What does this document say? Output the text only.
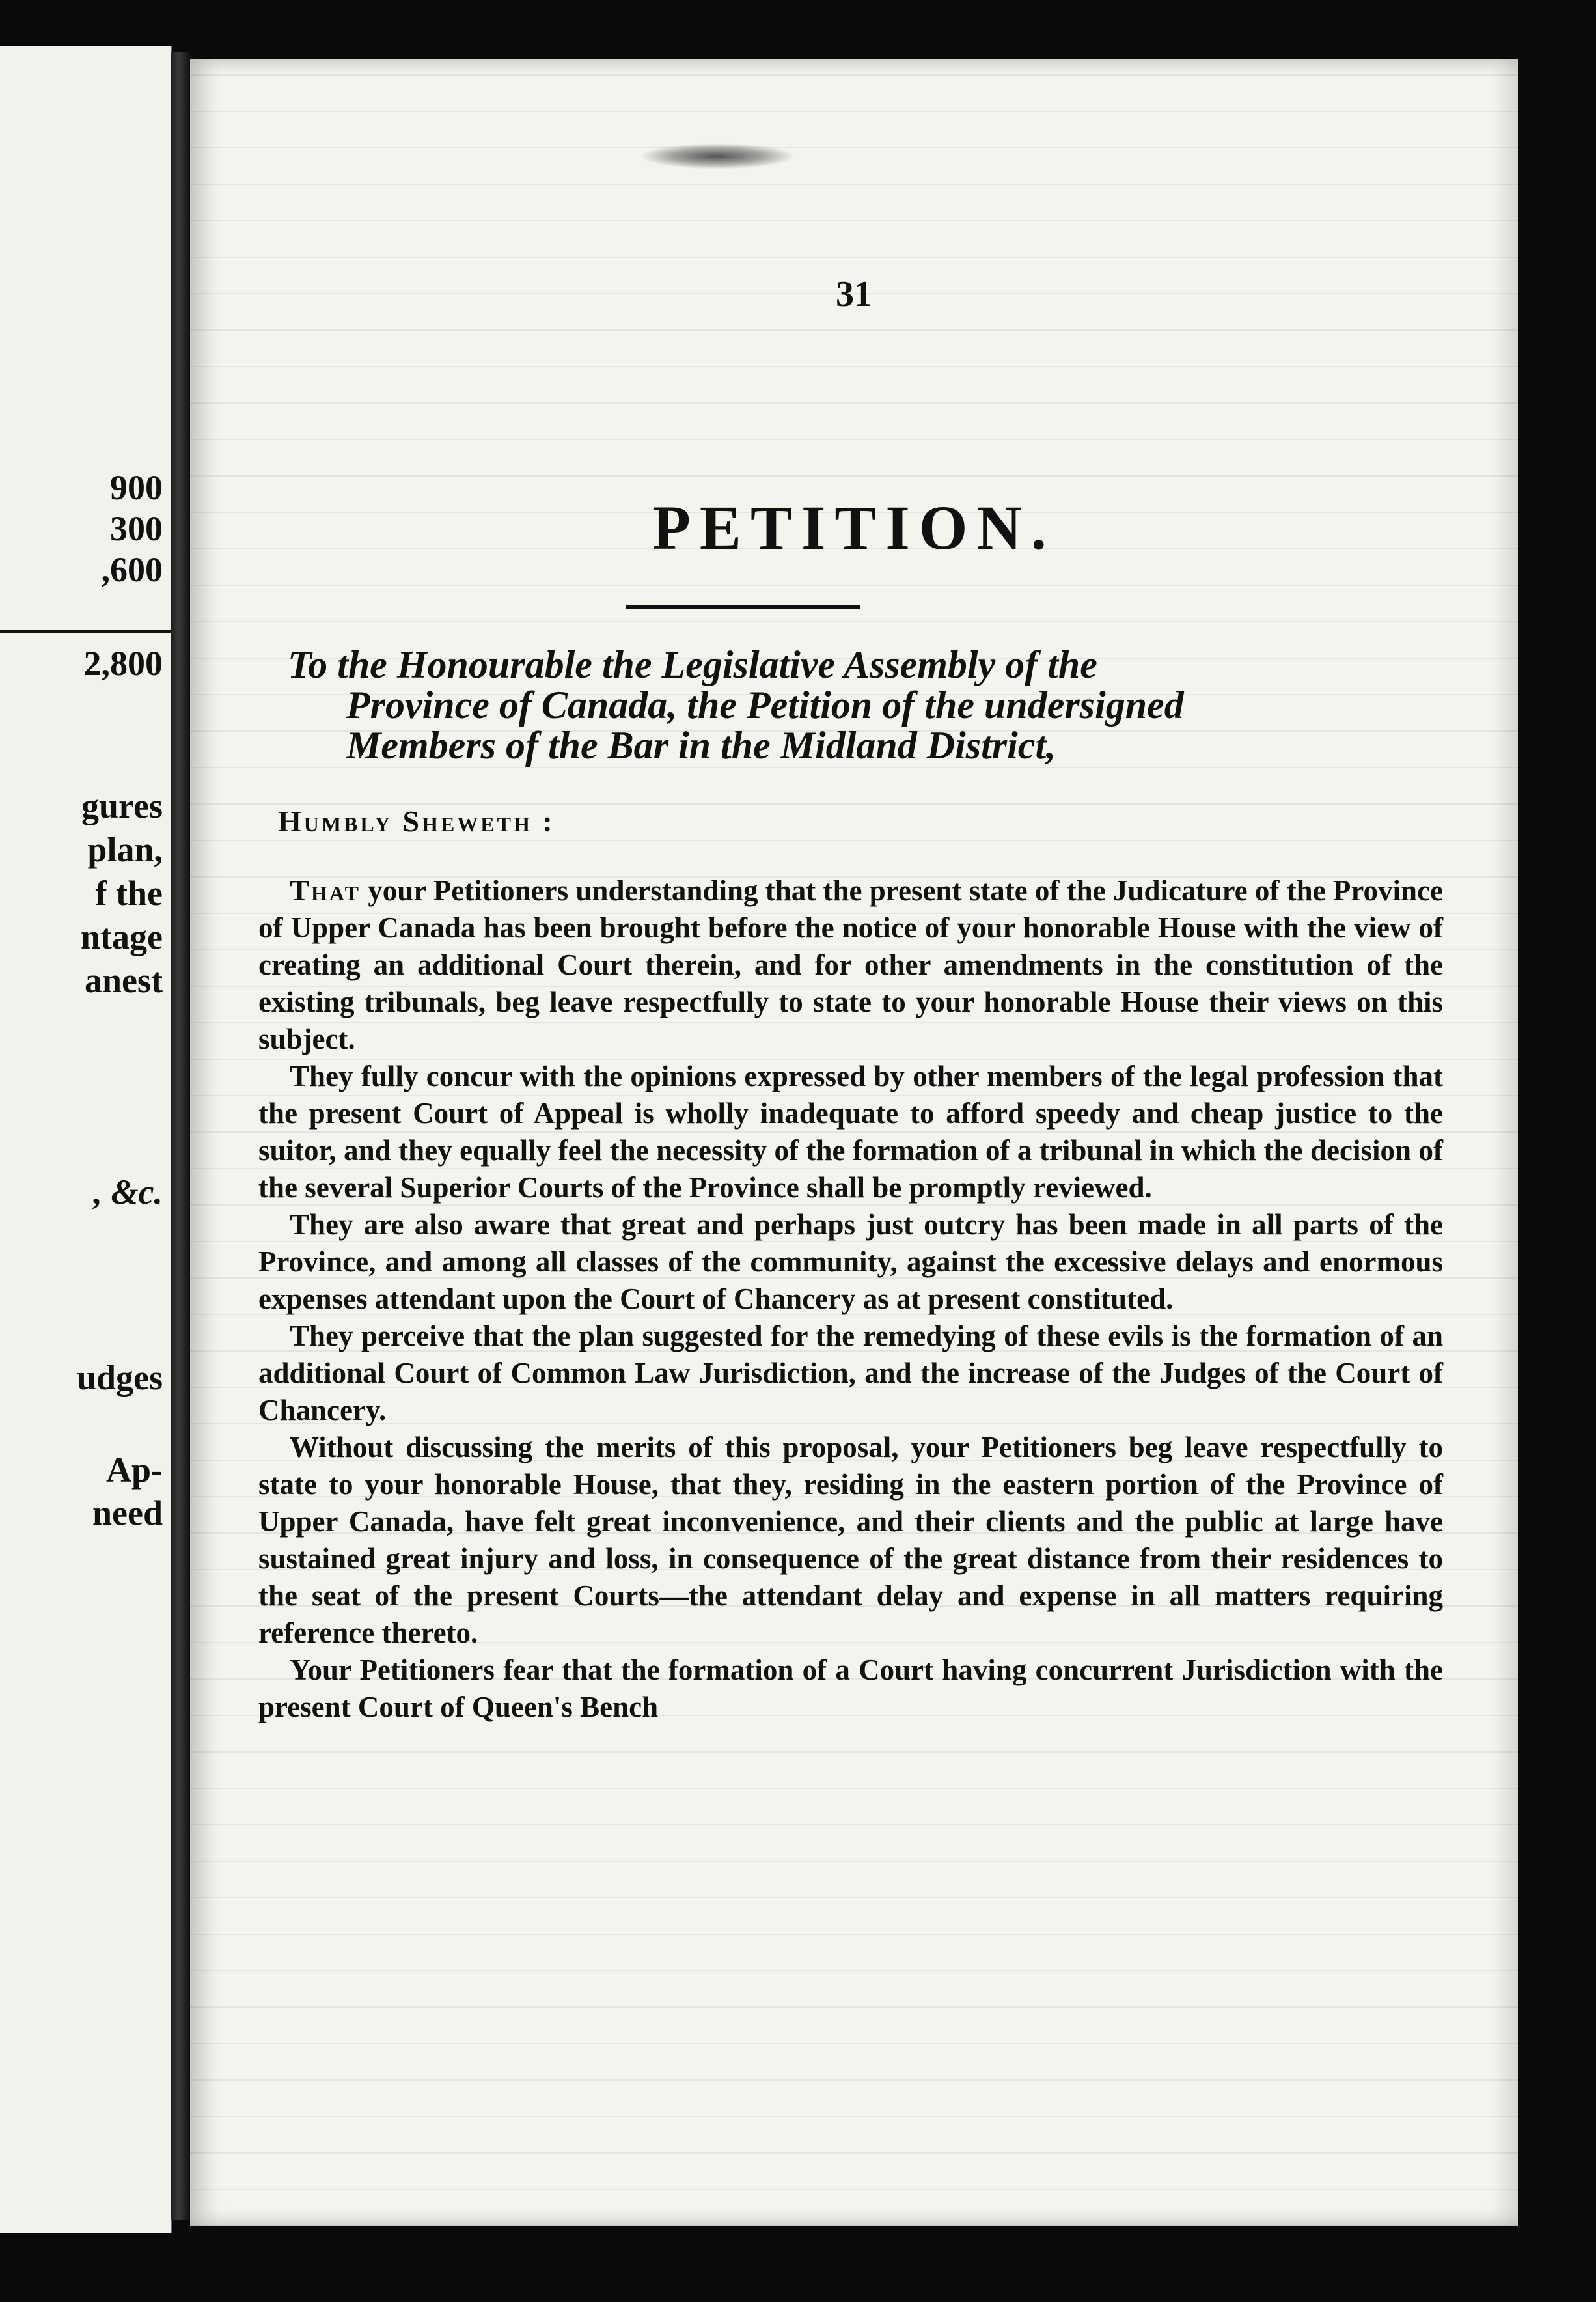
900
300
,600
2,800
gures
plan,
f the
ntage
anest
, &c.
udges
Ap-
need
31
PETITION.
To the Honourable the Legislative Assembly of the
Province of Canada, the Petition of the undersigned
Members of the Bar in the Midland District,
Humbly Sheweth :

That your Petitioners understanding that the present state of the Judicature of the Province of Upper Canada has been brought before the notice of your honorable House with the view of creating an additional Court therein, and for other amendments in the constitution of the existing tribunals, beg leave respectfully to state to your honorable House their views on this subject.

They fully concur with the opinions expressed by other members of the legal profession that the present Court of Appeal is wholly inadequate to afford speedy and cheap justice to the suitor, and they equally feel the necessity of the formation of a tribunal in which the decision of the several Superior Courts of the Province shall be promptly reviewed.

They are also aware that great and perhaps just outcry has been made in all parts of the Province, and among all classes of the community, against the excessive delays and enormous expenses attendant upon the Court of Chancery as at present constituted.

They perceive that the plan suggested for the remedying of these evils is the formation of an additional Court of Common Law Jurisdiction, and the increase of the Judges of the Court of Chancery.

Without discussing the merits of this proposal, your Petitioners beg leave respectfully to state to your honorable House, that they, residing in the eastern portion of the Province of Upper Canada, have felt great inconvenience, and their clients and the public at large have sustained great injury and loss, in consequence of the great distance from their residences to the seat of the present Courts—the attendant delay and expense in all matters requiring reference thereto.

Your Petitioners fear that the formation of a Court having concurrent Jurisdiction with the present Court of Queen's Bench
